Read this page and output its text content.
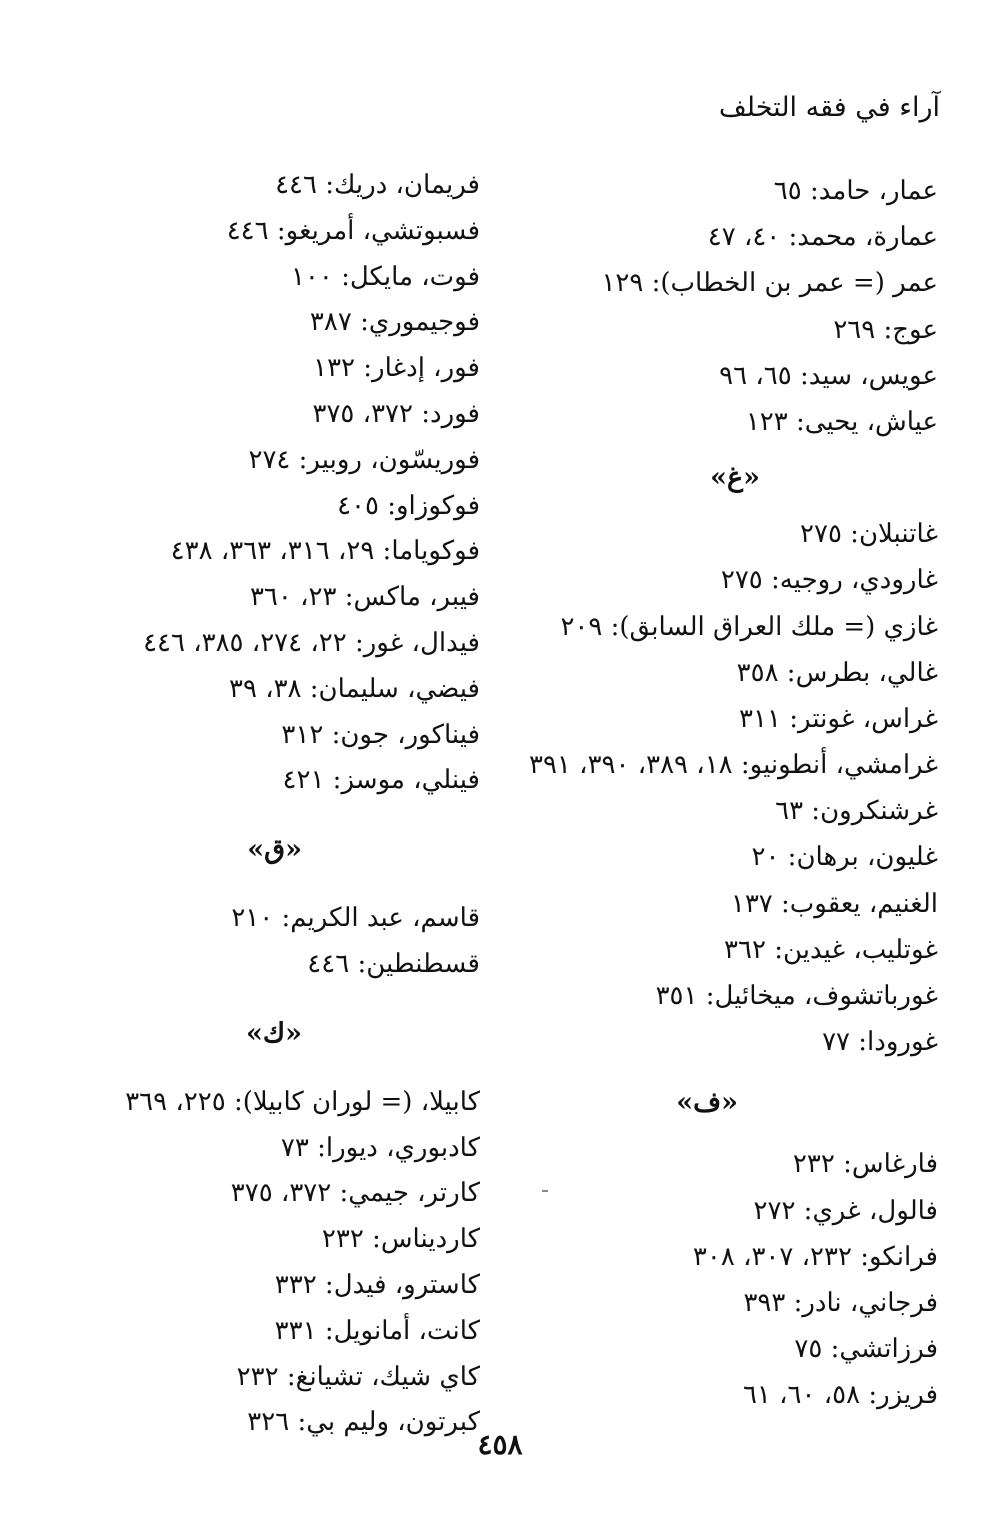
آراء في فقه التخلف
عمار، حامد: ٦٥
عمارة، محمد: ٤٠، ٤٧
عمر (= عمر بن الخطاب): ١٢٩
عوج: ٢٦٩
عويس، سيد: ٦٥، ٩٦
عياش، يحيى: ١٢٣
«غ»
غاتنبلان: ٢٧٥
غارودي، روجيه: ٢٧٥
غازي (= ملك العراق السابق): ٢٠٩
غالي، بطرس: ٣٥٨
غراس، غونتر: ٣١١
غرامشي، أنطونيو: ١٨، ٣٨٩، ٣٩٠، ٣٩١
غرشنكرون: ٦٣
غليون، برهان: ٢٠
الغنيم، يعقوب: ١٣٧
غوتليب، غيدين: ٣٦٢
غورباتشوف، ميخائيل: ٣٥١
غورودا: ٧٧
«ف»
فارغاس: ٢٣٢
فالول، غري: ٢٧٢
فرانكو: ٢٣٢، ٣٠٧، ٣٠٨
فرجاني، نادر: ٣٩٣
فرزاتشي: ٧٥
فريزر: ٥٨، ٦٠، ٦١
فريمان، دريك: ٤٤٦
فسبوتشي، أمريغو: ٤٤٦
فوت، مايكل: ١٠٠
فوجيموري: ٣٨٧
فور، إدغار: ١٣٢
فورد: ٣٧٢، ٣٧٥
فوريسّون، روبير: ٢٧٤
فوكوزاو: ٤٠٥
فوكوياما: ٢٩، ٣١٦، ٣٦٣، ٤٣٨
فيبر، ماكس: ٢٣، ٣٦٠
فيدال، غور: ٢٢، ٢٧٤، ٣٨٥، ٤٤٦
فيضي، سليمان: ٣٨، ٣٩
فيناكور، جون: ٣١٢
فينلي، موسز: ٤٢١
«ق»
قاسم، عبد الكريم: ٢١٠
قسطنطين: ٤٤٦
«ك»
كابيلا، (= لوران كابيلا): ٢٢٥، ٣٦٩
كادبوري، ديورا: ٧٣
كارتر، جيمي: ٣٧٢، ٣٧٥
كارديناس: ٢٣٢
كاسترو، فيدل: ٣٣٢
كانت، أمانويل: ٣٣١
كاي شيك، تشيانغ: ٢٣٢
كبرتون، وليم بي: ٣٢٦
٤٥٨
